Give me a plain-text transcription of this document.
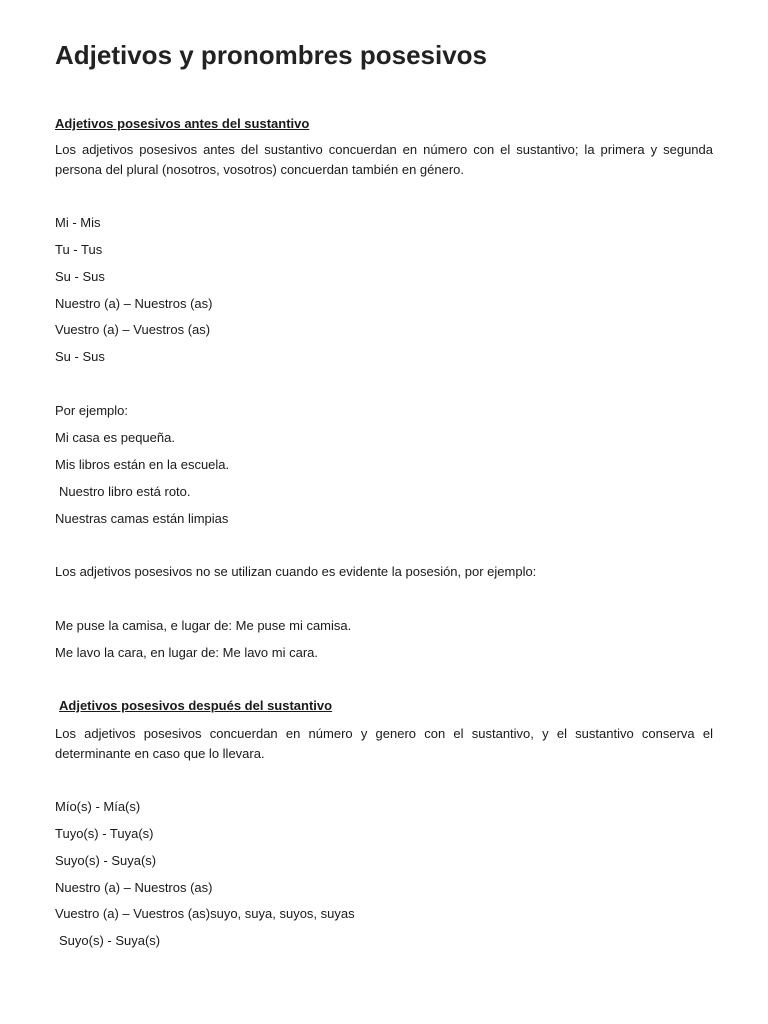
Adjetivos y pronombres posesivos

Adjetivos posesivos antes del sustantivo

Los adjetivos posesivos antes del sustantivo concuerdan en número con el sustantivo; la primera y segunda persona del plural (nosotros, vosotros) concuerdan también en género.

Mi - Mis

Tu - Tus

Su - Sus

Nuestro (a) – Nuestros (as)

Vuestro (a) – Vuestros (as)

Su - Sus

Por ejemplo:

Mi casa es pequeña.

Mis libros están en la escuela.

Nuestro libro está roto.

Nuestras camas están limpias

Los adjetivos posesivos no se utilizan cuando es evidente la posesión, por ejemplo:

Me puse la camisa, e lugar de: Me puse mi camisa.

Me lavo la cara, en lugar de: Me lavo mi cara.

Adjetivos posesivos después del sustantivo

Los adjetivos posesivos concuerdan en número y genero con el sustantivo, y el sustantivo conserva el determinante en caso que lo llevara.

Mío(s) - Mía(s)

Tuyo(s) - Tuya(s)

Suyo(s) - Suya(s)

Nuestro (a) – Nuestros (as)

Vuestro (a) – Vuestros (as)suyo, suya, suyos, suyas

Suyo(s) - Suya(s)
